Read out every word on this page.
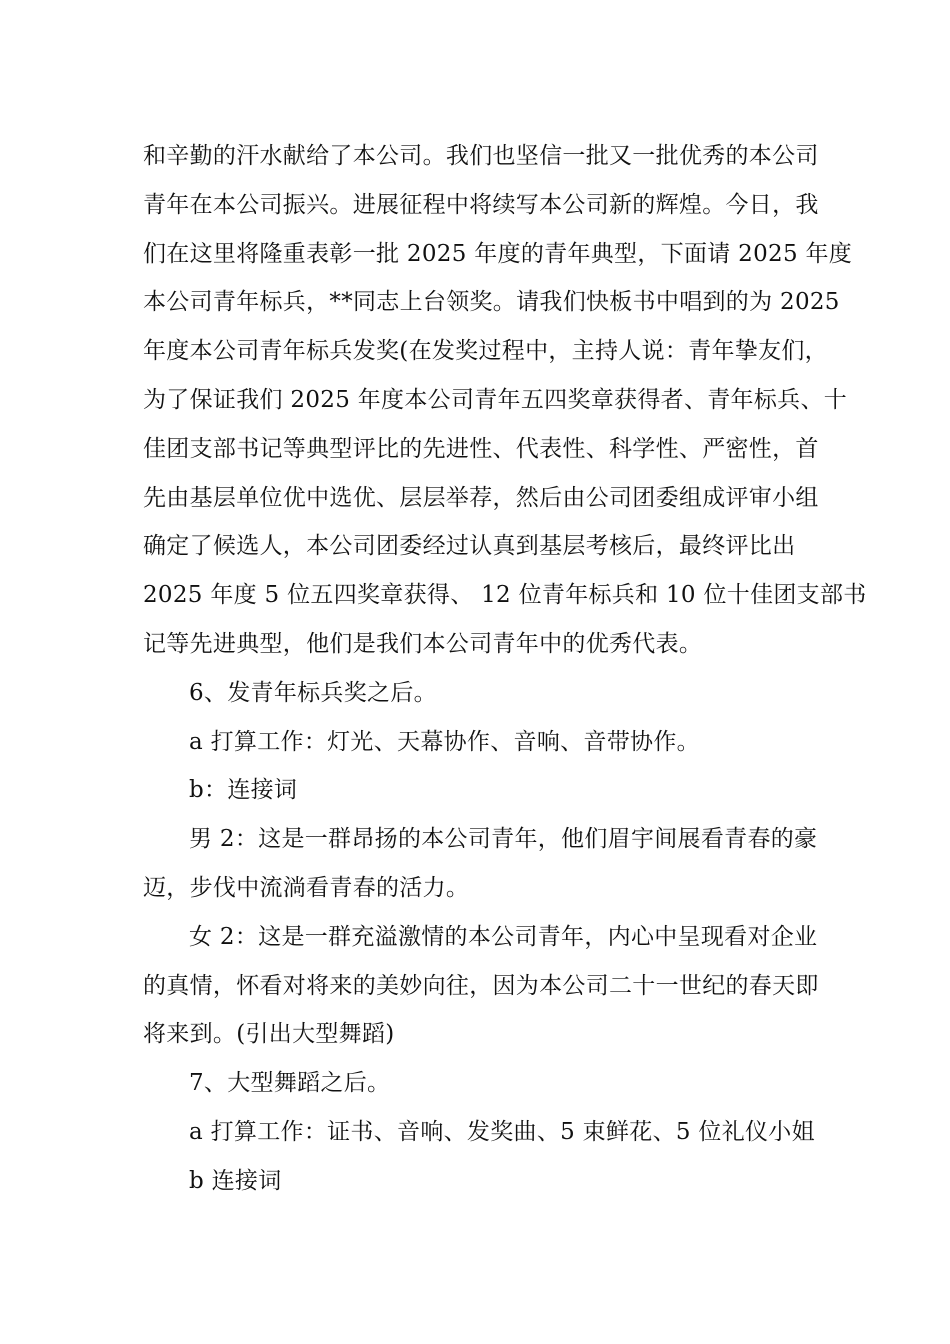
和辛勤的汗水献给了本公司。我们也坚信一批又一批优秀的本公司
青年在本公司振兴。进展征程中将续写本公司新的辉煌。今日，我
们在这里将隆重表彰一批 2025 年度的青年典型，下面请 2025 年度
本公司青年标兵，**同志上台领奖。请我们快板书中唱到的为 2025
年度本公司青年标兵发奖(在发奖过程中，主持人说：青年挚友们，
为了保证我们 2025 年度本公司青年五四奖章获得者、青年标兵、十
佳团支部书记等典型评比的先进性、代表性、科学性、严密性，首
先由基层单位优中选优、层层举荐，然后由公司团委组成评审小组
确定了候选人，本公司团委经过认真到基层考核后，最终评比出
2025 年度 5 位五四奖章获得、 12 位青年标兵和 10 位十佳团支部书
记等先进典型，他们是我们本公司青年中的优秀代表。
6、发青年标兵奖之后。
a 打算工作：灯光、天幕协作、音响、音带协作。
b：连接词
男 2：这是一群昂扬的本公司青年，他们眉宇间展看青春的豪
迈，步伐中流淌看青春的活力。
女 2：这是一群充溢激情的本公司青年，内心中呈现看对企业
的真情，怀看对将来的美妙向往，因为本公司二十一世纪的春天即
将来到。(引出大型舞蹈)
7、大型舞蹈之后。
a 打算工作：证书、音响、发奖曲、5 束鲜花、5 位礼仪小姐
b 连接词
